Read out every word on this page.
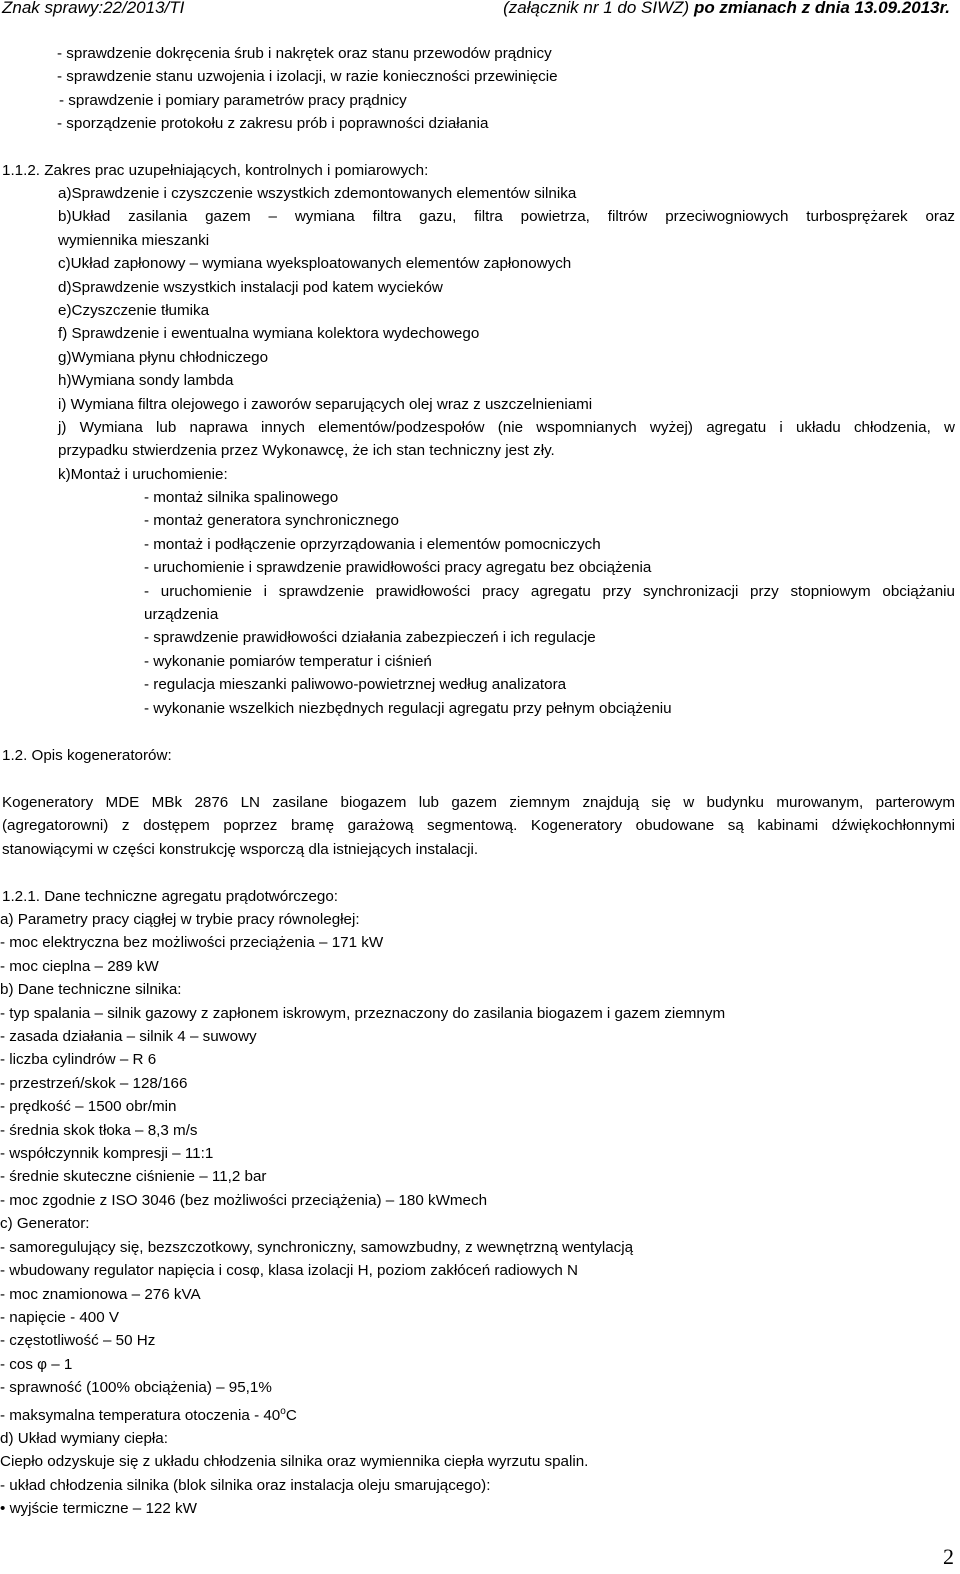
Znak sprawy:22/2013/TI	(załącznik nr 1 do SIWZ) po zmianach z dnia 13.09.2013r.
- sprawdzenie dokręcenia śrub i nakrętek oraz stanu przewodów prądnicy
- sprawdzenie stanu uzwojenia i izolacji, w razie konieczności przewinięcie
- sprawdzenie i pomiary parametrów pracy prądnicy
- sporządzenie protokołu z zakresu prób i poprawności działania
1.1.2. Zakres prac uzupełniających, kontrolnych i pomiarowych:
a)Sprawdzenie i czyszczenie wszystkich zdemontowanych elementów silnika
b)Układ zasilania gazem – wymiana filtra gazu, filtra powietrza, filtrów przeciwogniowych turbosprężarek oraz
wymiennika mieszanki
c)Układ zapłonowy – wymiana wyeksploatowanych elementów zapłonowych
d)Sprawdzenie wszystkich instalacji pod katem wycieków
e)Czyszczenie tłumika
f) Sprawdzenie i ewentualna wymiana kolektora wydechowego
g)Wymiana płynu chłodniczego
h)Wymiana sondy lambda
i) Wymiana filtra olejowego i zaworów separujących olej wraz z uszczelnieniami
j) Wymiana lub naprawa innych elementów/podzespołów (nie wspomnianych wyżej) agregatu i układu chłodzenia, w
przypadku stwierdzenia przez Wykonawcę, że ich stan techniczny jest zły.
k)Montaż i uruchomienie:
- montaż silnika spalinowego
- montaż generatora synchronicznego
- montaż i podłączenie oprzyrządowania i elementów pomocniczych
- uruchomienie i sprawdzenie prawidłowości pracy agregatu bez obciążenia
- uruchomienie i sprawdzenie prawidłowości pracy agregatu przy synchronizacji przy stopniowym obciążaniu
urządzenia
- sprawdzenie prawidłowości działania zabezpieczeń i ich regulacje
- wykonanie pomiarów temperatur i ciśnień
- regulacja mieszanki paliwowo-powietrznej według analizatora
- wykonanie wszelkich niezbędnych regulacji agregatu przy pełnym obciążeniu
1.2. Opis kogeneratorów:
Kogeneratory MDE MBk 2876 LN zasilane biogazem lub gazem ziemnym znajdują się w budynku murowanym, parterowym
(agregatorowni) z dostępem poprzez bramę garażową segmentową. Kogeneratory obudowane są kabinami dźwiękochłonnymi
stanowiącymi w części konstrukcję wsporczą dla istniejących instalacji.
1.2.1. Dane techniczne agregatu prądotwórczego:
a) Parametry pracy ciągłej w trybie pracy równoległej:
- moc elektryczna bez możliwości przeciążenia – 171 kW
- moc cieplna – 289 kW
b) Dane techniczne silnika:
- typ spalania – silnik gazowy z zapłonem iskrowym, przeznaczony do zasilania biogazem i gazem ziemnym
- zasada działania – silnik 4 – suwowy
- liczba cylindrów – R 6
- przestrzeń/skok – 128/166
- prędkość – 1500 obr/min
- średnia skok tłoka – 8,3 m/s
- współczynnik kompresji – 11:1
- średnie skuteczne ciśnienie – 11,2 bar
- moc zgodnie z ISO 3046 (bez możliwości przeciążenia) – 180 kWmech
c) Generator:
- samoregulujący się, bezszczotkowy, synchroniczny, samowzbudny, z wewnętrzną wentylacją
- wbudowany regulator napięcia i cosφ, klasa izolacji H, poziom zakłóceń radiowych N
- moc znamionowa – 276 kVA
- napięcie - 400 V
- częstotliwość – 50 Hz
- cos φ – 1
- sprawność (100% obciążenia) – 95,1%
- maksymalna temperatura otoczenia - 40$^o$C
d) Układ wymiany ciepła:
Ciepło odzyskuje się z układu chłodzenia silnika oraz wymiennika ciepła wyrzutu spalin.
- układ chłodzenia silnika (blok silnika oraz instalacja oleju smarującego):
• wyjście termiczne – 122 kW
2
